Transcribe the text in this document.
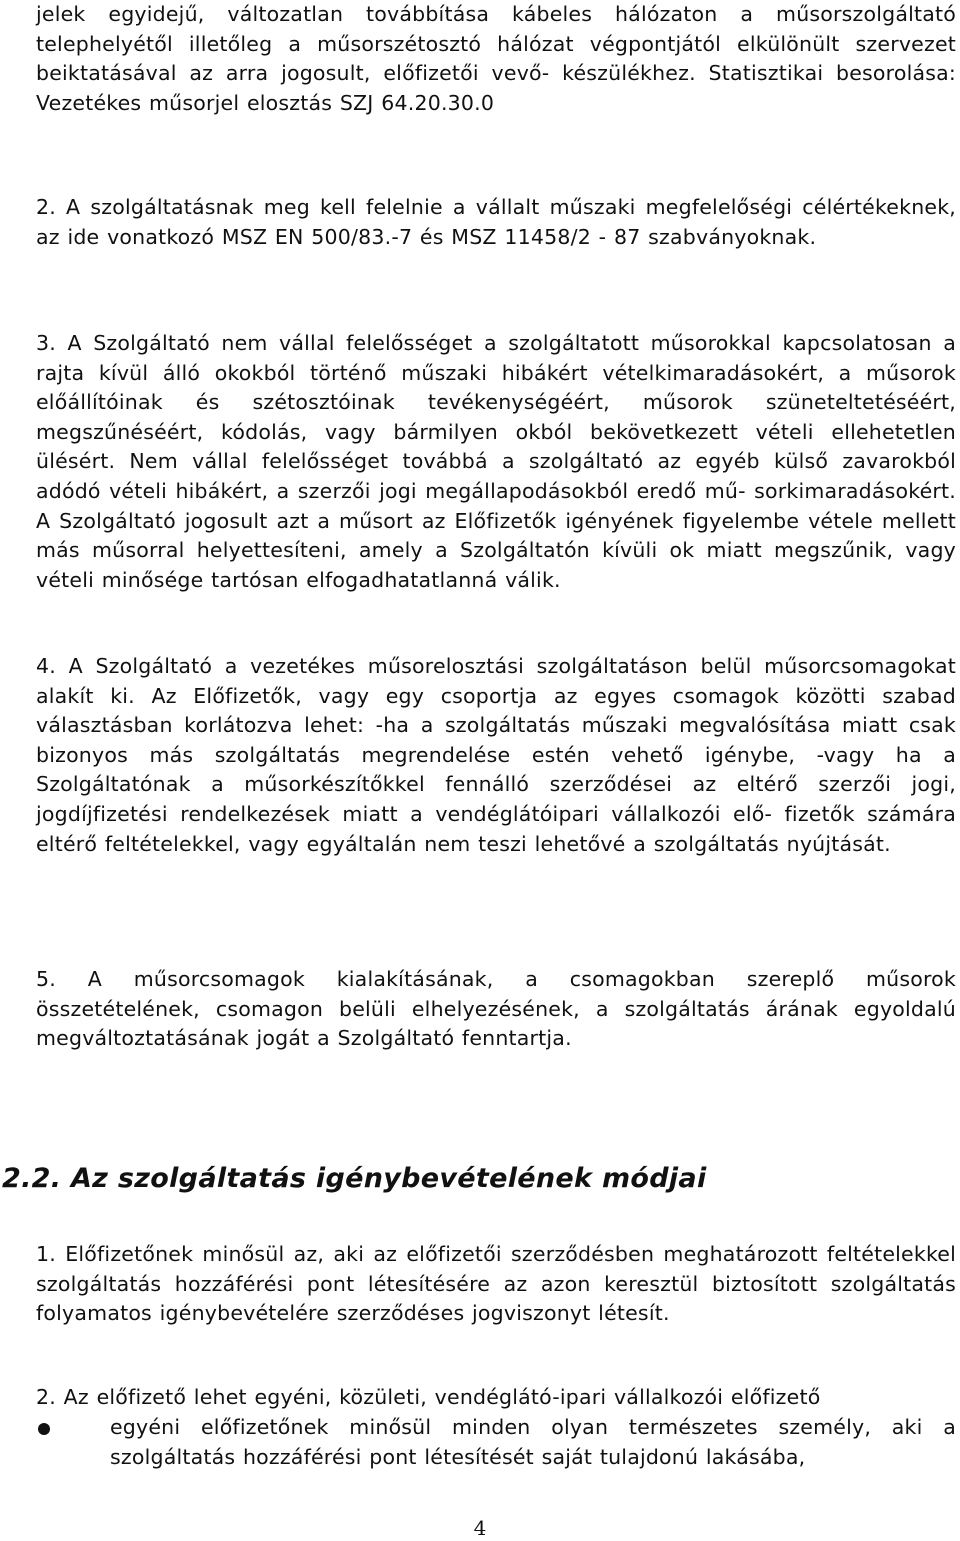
jelek egyidejű, változatlan továbbítása kábeles hálózaton a műsorszolgáltató telephelyétől illetőleg a műsorszétosztó hálózat végpontjától elkülönült szervezet beiktatásával az arra jogosult, előfizetői vevő- készülékhez. Statisztikai besorolása: Vezetékes műsorjel elosztás SZJ 64.20.30.0

2. A szolgáltatásnak meg kell felelnie a vállalt műszaki megfelelőségi célértékeknek, az ide vonatkozó MSZ EN 500/83.-7 és MSZ 11458/2 - 87 szabványoknak.

3. A Szolgáltató nem vállal felelősséget a szolgáltatott műsorokkal kapcsolatosan a rajta kívül álló okokból történő műszaki hibákért vételkimaradásokért, a műsorok előállítóinak és szétosztóinak tevékenységéért, műsorok szüneteltetéséért, megszűnéséért, kódolás, vagy bármilyen okból bekövetkezett vételi ellehetetlen ülésért. Nem vállal felelősséget továbbá a szolgáltató az egyéb külső zavarokból adódó vételi hibákért, a szerzői jogi megállapodásokból eredő mű- sorkimaradásokért. A Szolgáltató jogosult azt a műsort az Előfizetők igényének figyelembe vétele mellett más műsorral helyettesíteni, amely a Szolgáltatón kívüli ok miatt megszűnik, vagy vételi minősége tartósan elfogadhatatlanná válik.

4. A Szolgáltató a vezetékes műsorelosztási szolgáltatáson belül műsorcsomagokat alakít ki. Az Előfizetők, vagy egy csoportja az egyes csomagok közötti szabad választásban korlátozva lehet: -ha a szolgáltatás műszaki megvalósítása miatt csak bizonyos más szolgáltatás megrendelése estén vehető igénybe, -vagy ha a Szolgáltatónak a műsorkészítőkkel fennálló szerződései az eltérő szerzői jogi, jogdíjfizetési rendelkezések miatt a vendéglátóipari vállalkozói elő- fizetők számára eltérő feltételekkel, vagy egyáltalán nem teszi lehetővé a szolgáltatás nyújtását.

5. A műsorcsomagok kialakításának, a csomagokban szereplő műsorok összetételének, csomagon belüli elhelyezésének, a szolgáltatás árának egyoldalú megváltoztatásának jogát a Szolgáltató fenntartja.

2.2. Az szolgáltatás igénybevételének módjai

1. Előfizetőnek minősül az, aki az előfizetői szerződésben meghatározott feltételekkel szolgáltatás hozzáférési pont létesítésére az azon keresztül biztosított szolgáltatás folyamatos igénybevételére szerződéses jogviszonyt létesít.

2. Az előfizető lehet egyéni, közületi, vendéglátó-ipari vállalkozói előfizető

egyéni előfizetőnek minősül minden olyan természetes személy, aki a szolgáltatás hozzáférési pont létesítését saját tulajdonú lakásába,

4
